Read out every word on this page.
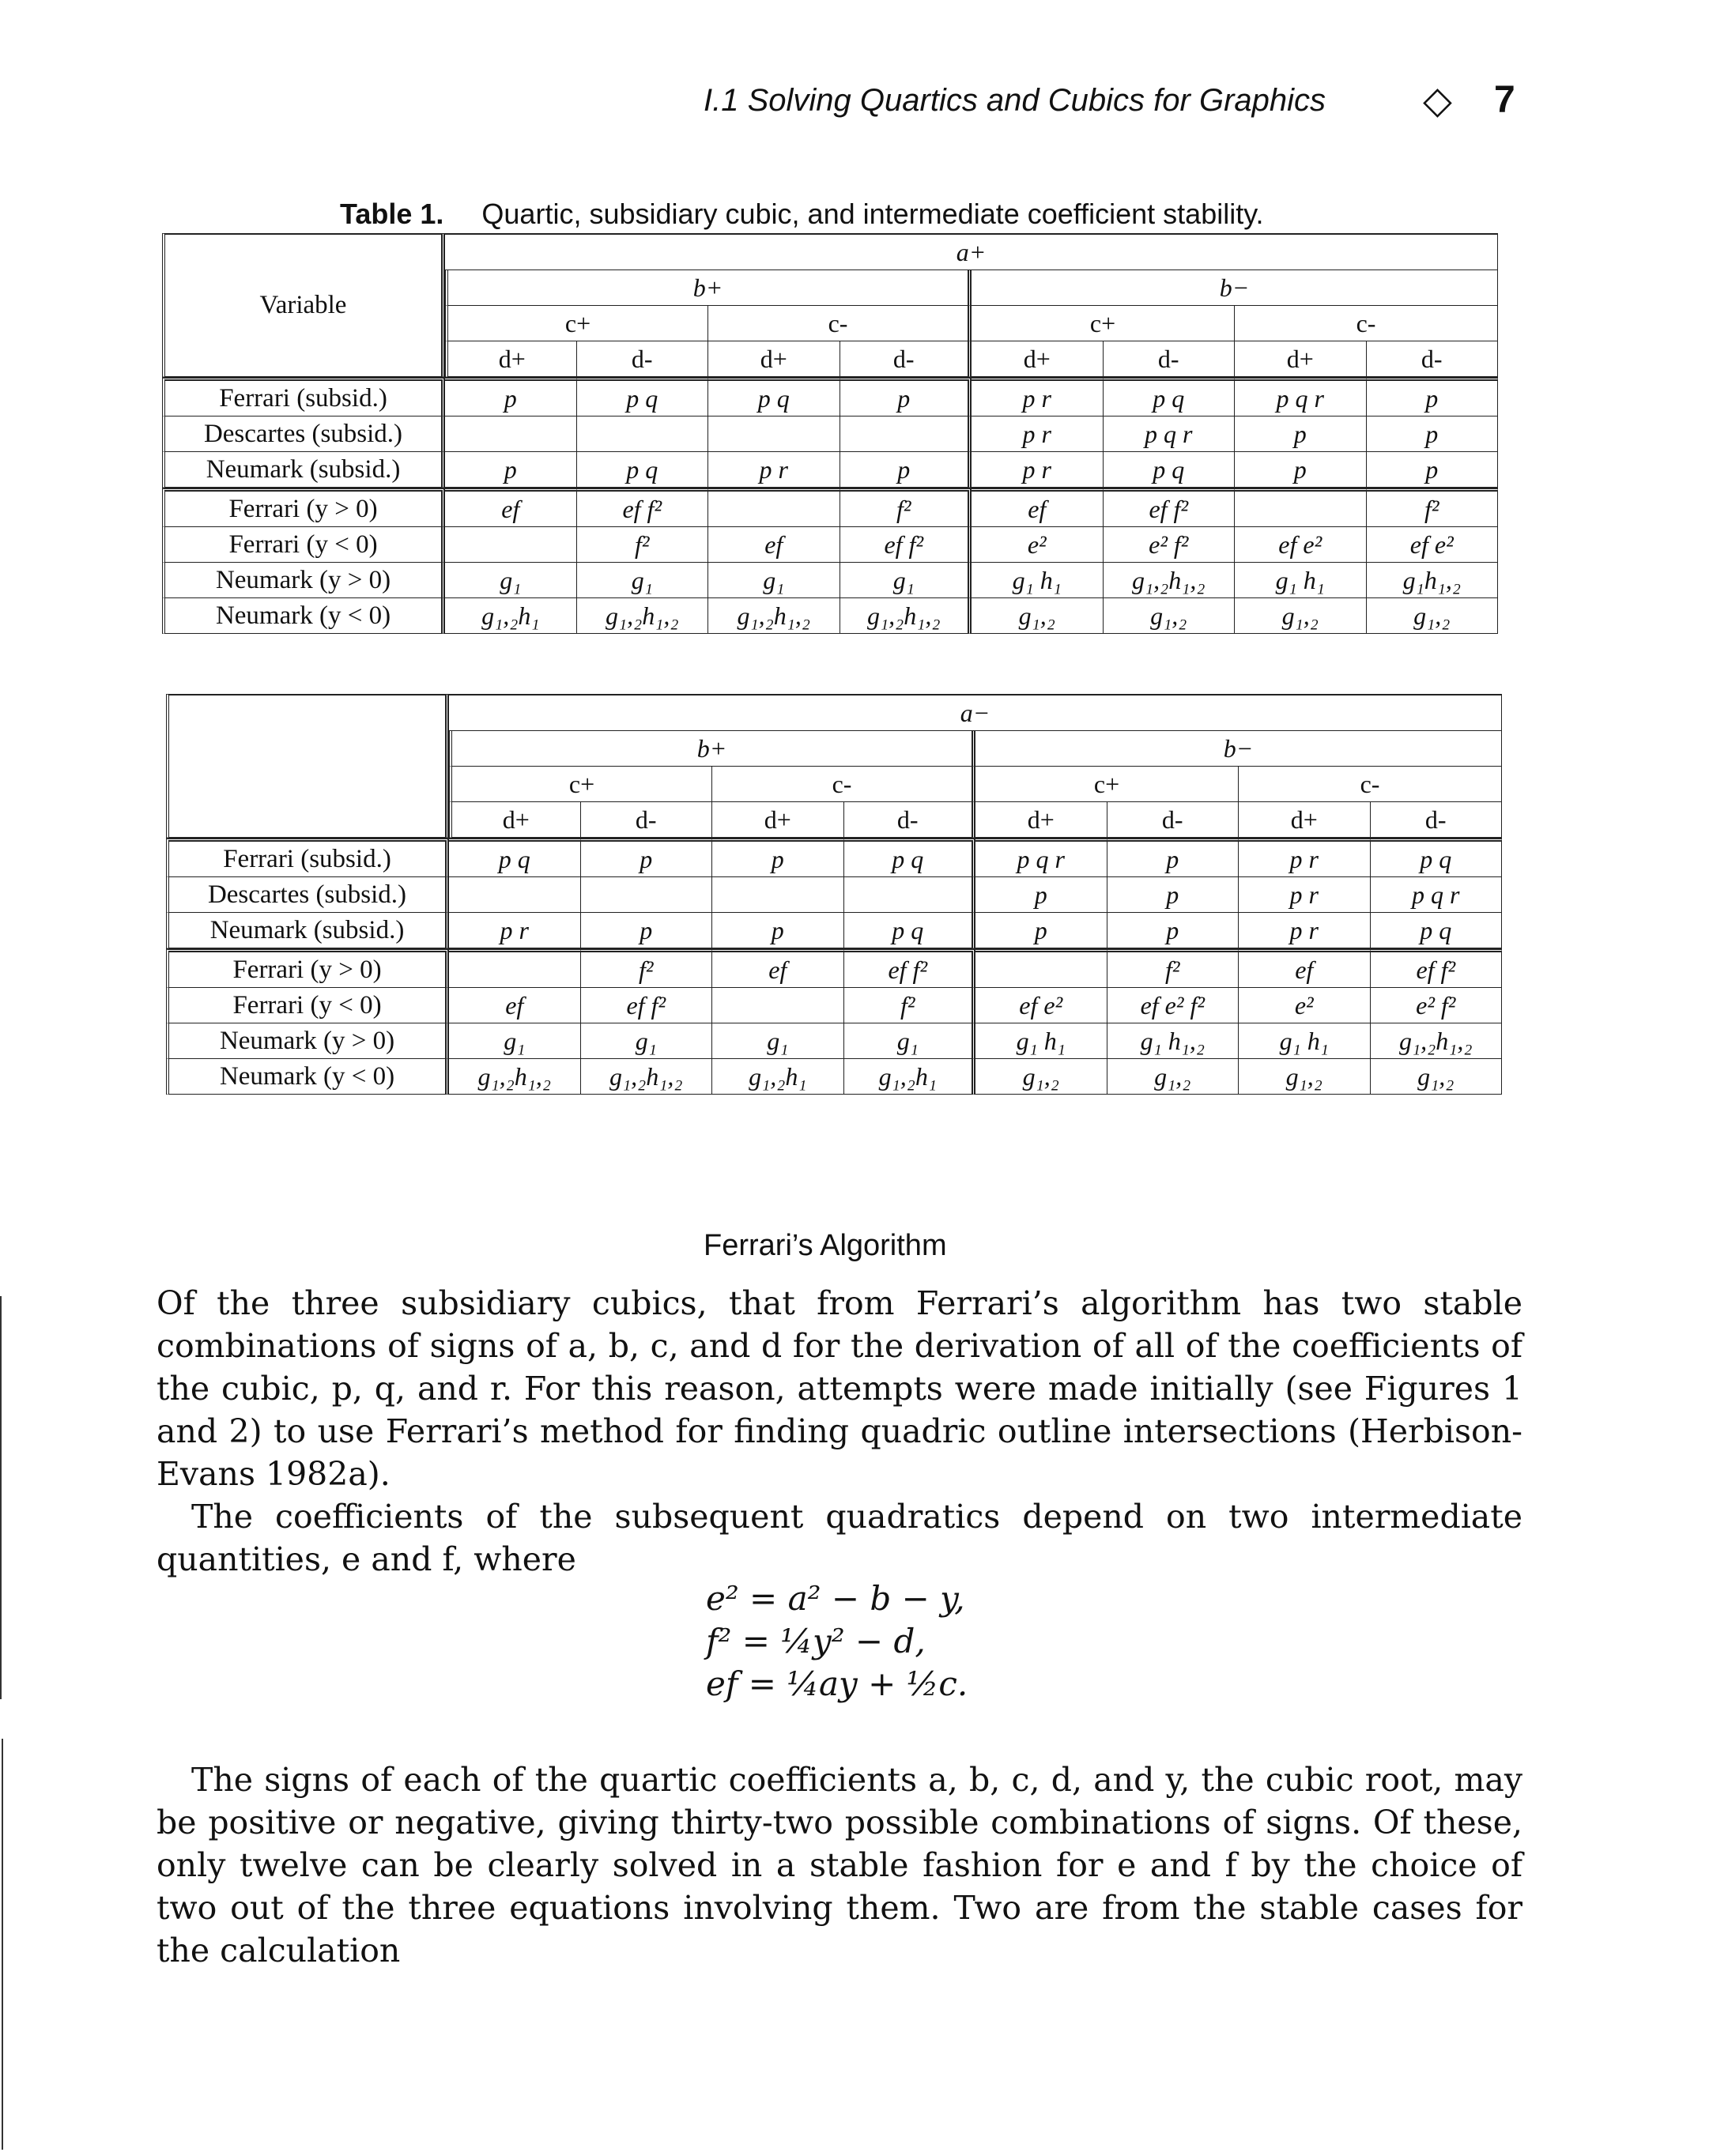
I.1 Solving Quartics and Cubics for Graphics	◇ 7
Table 1. Quartic, subsidiary cubic, and intermediate coefficient stability.
Variable	a+							
	b+				b−			
	c+		c-		c+		c-	
	d+	d-	d+	d-	d+	d-	d+	d-
Ferrari (subsid.)	p	p q	p q	p	p r	p q	p q r	p
Descartes (subsid.)					p r	p q r	p	p
Neumark (subsid.)	p	p q	p r	p	p r	p q	p	p
Ferrari (y > 0)	ef	ef f²		f²	ef	ef f²		f²
Ferrari (y < 0)		f²	ef	ef f²	e²	e² f²	ef e²	ef e²
Neumark (y > 0)	g₁	g₁	g₁	g₁	g₁ h₁	g₁,₂h₁,₂	g₁ h₁	g₁h₁,₂
Neumark (y < 0)	g₁,₂h₁	g₁,₂h₁,₂	g₁,₂h₁,₂	g₁,₂h₁,₂	g₁,₂	g₁,₂	g₁,₂	g₁,₂
	a−							
	b+				b−			
	c+		c-		c+		c-	
	d+	d-	d+	d-	d+	d-	d+	d-
Ferrari (subsid.)	p q	p	p	p q	p q r	p	p r	p q
Descartes (subsid.)					p	p	p r	p q r
Neumark (subsid.)	p r	p	p	p q	p	p	p r	p q
Ferrari (y > 0)		f²	ef	ef f²		f²	ef	ef f²
Ferrari (y < 0)	ef	ef f²		f²	ef e²	ef e² f²	e²	e² f²
Neumark (y > 0)	g₁	g₁	g₁	g₁	g₁ h₁	g₁ h₁,₂	g₁ h₁	g₁,₂h₁,₂
Neumark (y < 0)	g₁,₂h₁,₂	g₁,₂h₁,₂	g₁,₂h₁	g₁,₂h₁	g₁,₂	g₁,₂	g₁,₂	g₁,₂
Ferrari’s Algorithm

Of the three subsidiary cubics, that from Ferrari’s algorithm has two stable combinations of signs of a, b, c, and d for the derivation of all of the coefficients of the cubic, p, q, and r. For this reason, attempts were made initially (see Figures 1 and 2) to use Ferrari’s method for finding quadric outline intersections (Herbison-Evans 1982a).

The coefficients of the subsequent quadratics depend on two intermediate quantities, e and f, where

e² = a² − b − y,
f² = ¼y² − d,
ef = ¼ay + ½c.

The signs of each of the quartic coefficients a, b, c, d, and y, the cubic root, may be positive or negative, giving thirty-two possible combinations of signs. Of these, only twelve can be clearly solved in a stable fashion for e and f by the choice of two out of the three equations involving them. Two are from the stable cases for the calculation
